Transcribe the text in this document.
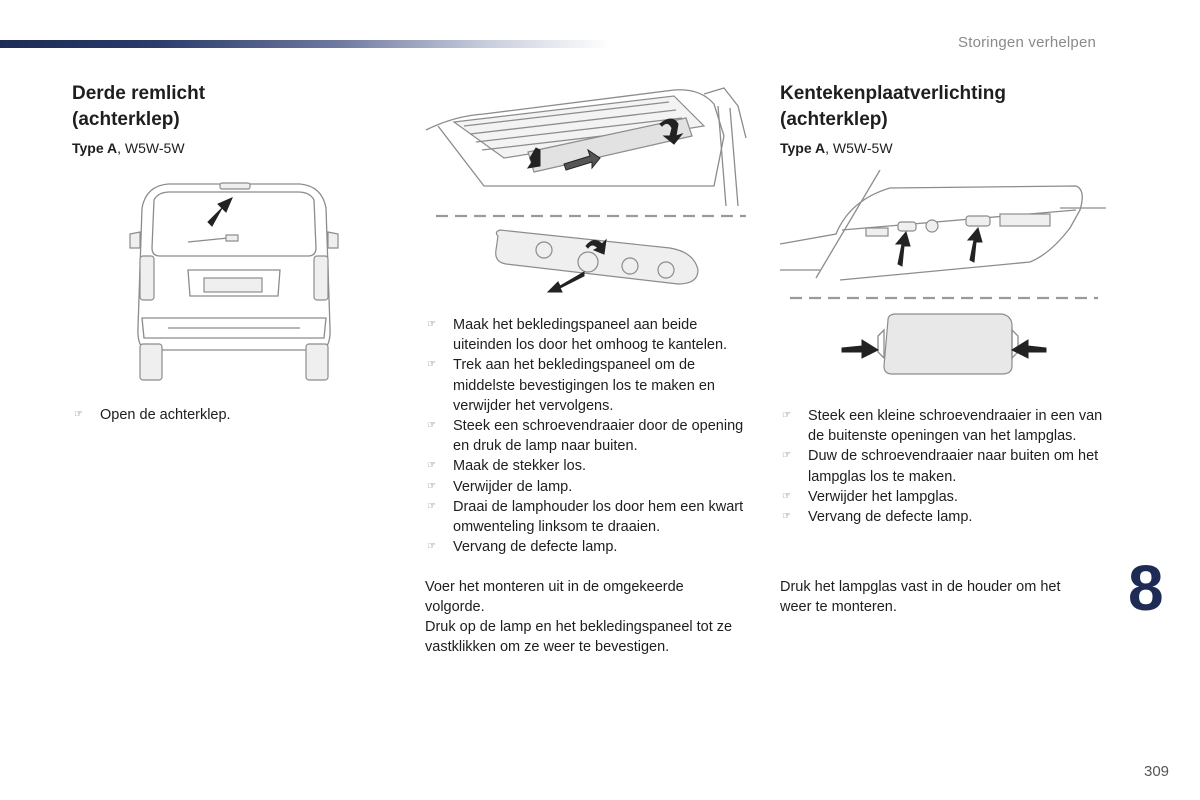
Storingen verhelpen
Derde remlicht
(achterklep)

Type A, W5W-5W

☞ Open de achterklep.
☞ Maak het bekledingspaneel aan beide uiteinden los door het omhoog te kantelen.
☞ Trek aan het bekledingspaneel om de middelste bevestigingen los te maken en verwijder het vervolgens.
☞ Steek een schroevendraaier door de opening en druk de lamp naar buiten.
☞ Maak de stekker los.
☞ Verwijder de lamp.
☞ Draai de lamphouder los door hem een kwart omwenteling linksom te draaien.
☞ Vervang de defecte lamp.

Voer het monteren uit in de omgekeerde volgorde.

Druk op de lamp en het bekledingspaneel tot ze vastklikken om ze weer te bevestigen.

Kentekenplaatverlichting
(achterklep)

Type A, W5W-5W

☞ Steek een kleine schroevendraaier in een van de buitenste openingen van het lampglas.
☞ Duw de schroevendraaier naar buiten om het lampglas los te maken.
☞ Verwijder het lampglas.
☞ Vervang de defecte lamp.

Druk het lampglas vast in de houder om het weer te monteren.	8
309
